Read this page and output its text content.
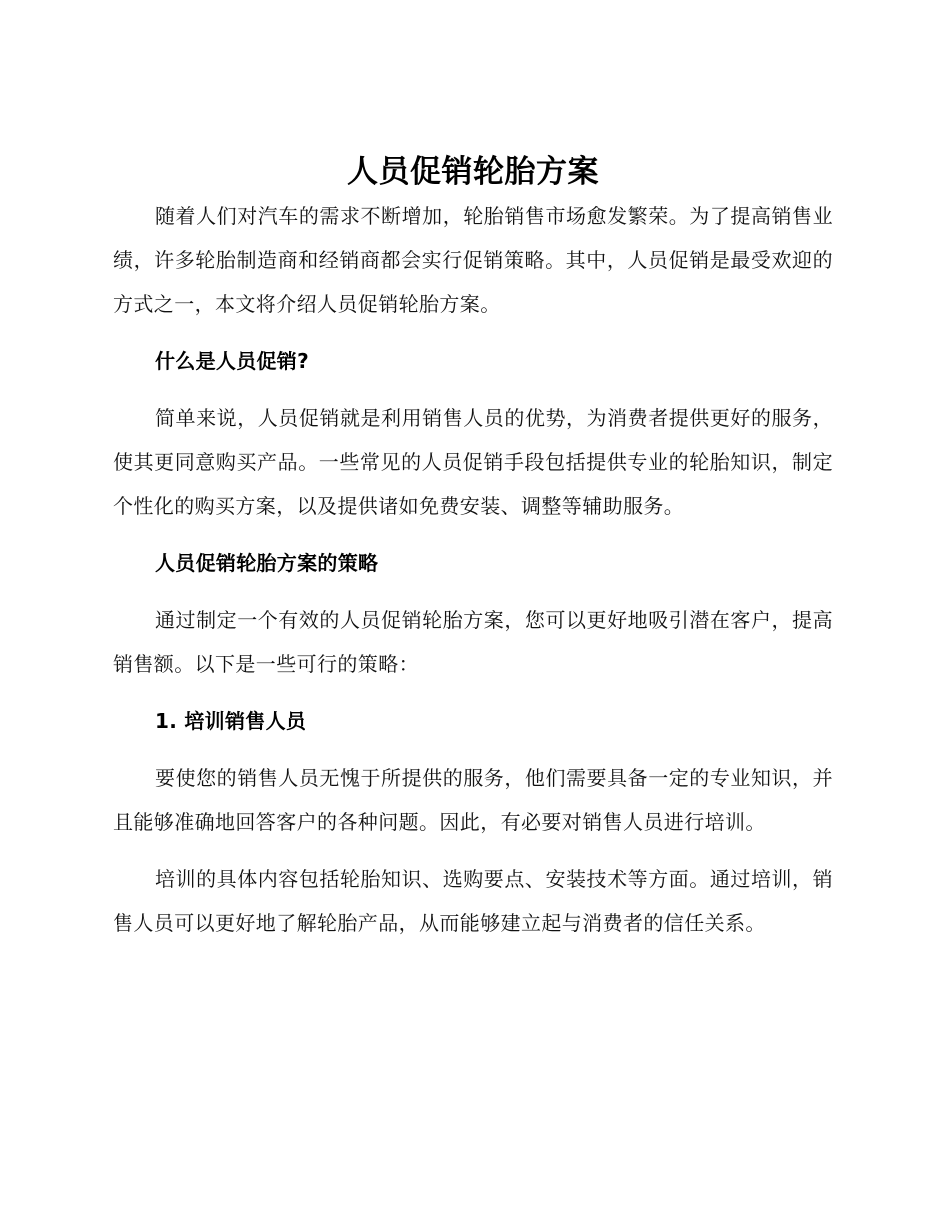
人员促销轮胎方案

随着人们对汽车的需求不断增加，轮胎销售市场愈发繁荣。为了提高销售业绩，许多轮胎制造商和经销商都会实行促销策略。其中，人员促销是最受欢迎的方式之一，本文将介绍人员促销轮胎方案。

什么是人员促销?

简单来说，人员促销就是利用销售人员的优势，为消费者提供更好的服务，使其更同意购买产品。一些常见的人员促销手段包括提供专业的轮胎知识，制定个性化的购买方案，以及提供诸如免费安装、调整等辅助服务。

人员促销轮胎方案的策略

通过制定一个有效的人员促销轮胎方案，您可以更好地吸引潜在客户，提高销售额。以下是一些可行的策略：

1. 培训销售人员

要使您的销售人员无愧于所提供的服务，他们需要具备一定的专业知识，并且能够准确地回答客户的各种问题。因此，有必要对销售人员进行培训。

培训的具体内容包括轮胎知识、选购要点、安装技术等方面。通过培训，销售人员可以更好地了解轮胎产品，从而能够建立起与消费者的信任关系。
